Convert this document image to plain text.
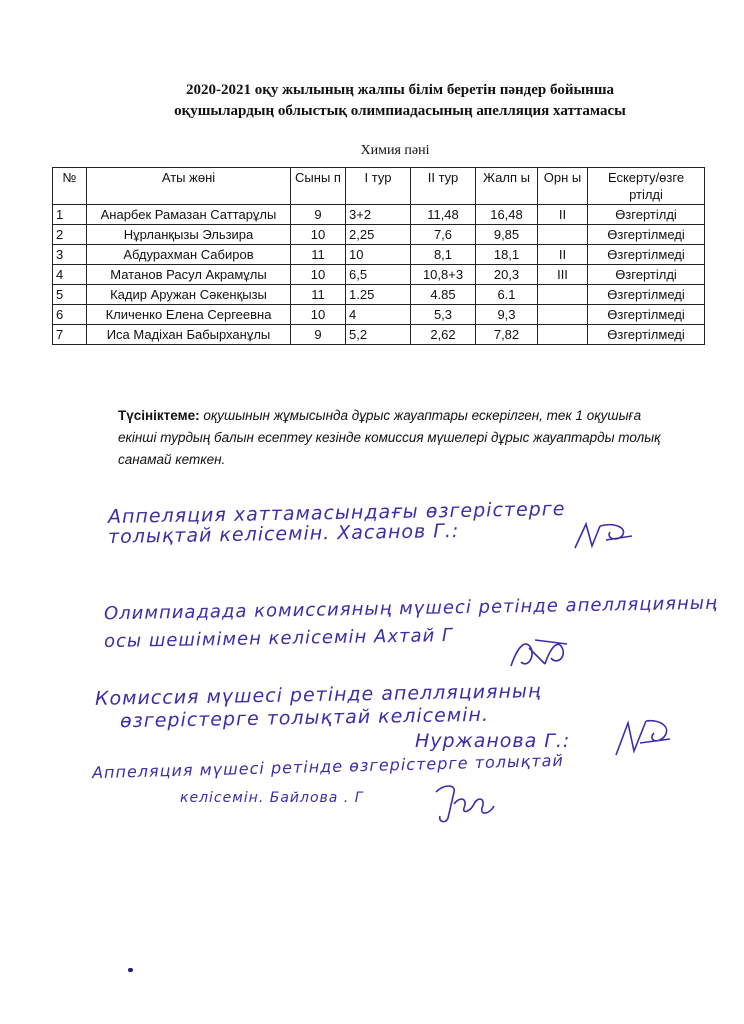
2020-2021 оқу жылының жалпы білім беретін пәндер бойынша
оқушылардың облыстық олимпиадасының апелляция хаттамасы
Химия пәні
№	Аты жөні	Сыны п	I тур	II тур	Жалп ы	Орн ы	Ескерту/өзге ртілді
1	Анарбек Рамазан Саттарұлы	9	3+2	11,48	16,48	II	Өзгертілді
2	Нұрланқызы Эльзира	10	2,25	7,6	9,85		Өзгертілмеді
3	Абдурахман Сабиров	11	10	8,1	18,1	II	Өзгертілмеді
4	Матанов Расул Акрамұлы	10	6,5	10,8+3	20,3	III	Өзгертілді
5	Кадир Аружан Сәкенқызы	11	1.25	4.85	6.1		Өзгертілмеді
6	Кличенко Елена Сергеевна	10	4	5,3	9,3		Өзгертілмеді
7	Иса Мадіхан Бабырханұлы	9	5,2	2,62	7,82		Өзгертілмеді
Түсініктеме: оқушынын жұмысында дұрыс жауаптары ескерілген, тек 1 оқушыға екінші турдың балын есептеу кезінде комиссия мүшелері дұрыс жауаптарды толық санамай кеткен.
Аппеляция хаттамасындағы өзгерістерге
толықтай келісемін. Хасанов Г.:
Олимпиадада комиссияның мүшесі ретінде апелляцияның
осы шешімімен келісемін Ахтай Г
Комиссия мүшесі ретінде апелляцияның
өзгерістерге толықтай келісемін.
Нуржанова Г.:
Аппеляция мүшесі ретінде өзгерістерге толықтай
келісемін. Байлова . Г
